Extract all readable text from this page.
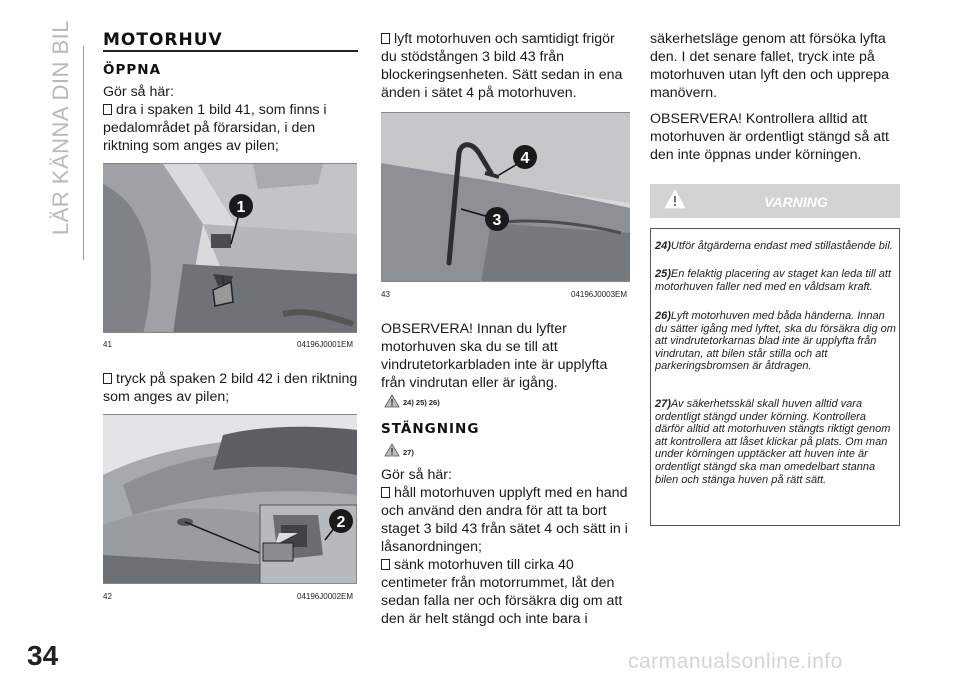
LÄR KÄNNA DIN BIL
34	carmanualsonline.info
MOTORHUV
ÖPPNA
Gör så här:
dra i spaken 1 bild 41, som finns i pedalområdet på förarsidan, i den riktning som anges av pilen;
1
41	04196J0001EM
tryck på spaken 2 bild 42 i den riktning som anges av pilen;
2
42	04196J0002EM
lyft motorhuven och samtidigt frigör du stödstången 3 bild 43 från blockeringsenheten. Sätt sedan in ena änden i sätet 4 på motorhuven.
4
3
43	04196J0003EM
OBSERVERA! Innan du lyfter motorhuven ska du se till att vindrutetorkarbladen inte är upplyfta från vindrutan eller är igång.
24) 25) 26)
STÄNGNING
27)
Gör så här:
håll motorhuven upplyft med en hand och använd den andra för att ta bort staget 3 bild 43 från sätet 4 och sätt in i låsanordningen;
sänk motorhuven till cirka 40 centimeter från motorrummet, låt den sedan falla ner och försäkra dig om att den är helt stängd och inte bara i
säkerhetsläge genom att försöka lyfta den. I det senare fallet, tryck inte på motorhuven utan lyft den och upprepa manövern.
OBSERVERA! Kontrollera alltid att motorhuven är ordentligt stängd så att den inte öppnas under körningen.
VARNING
24)Utför åtgärderna endast med stillastående bil.
25)En felaktig placering av staget kan leda till att motorhuven faller ned med en våldsam kraft.
26)Lyft motorhuven med båda händerna. Innan du sätter igång med lyftet, ska du försäkra dig om att vindrutetorkarnas blad inte är upplyfta från vindrutan, att bilen står stilla och att parkeringsbromsen är åtdragen.
27)Av säkerhetsskäl skall huven alltid vara ordentligt stängd under körning. Kontrollera därför alltid att motorhuven stängts riktigt genom att kontrollera att låset klickar på plats. Om man under körningen upptäcker att huven inte är ordentligt stängd ska man omedelbart stanna bilen och stänga huven på rätt sätt.
